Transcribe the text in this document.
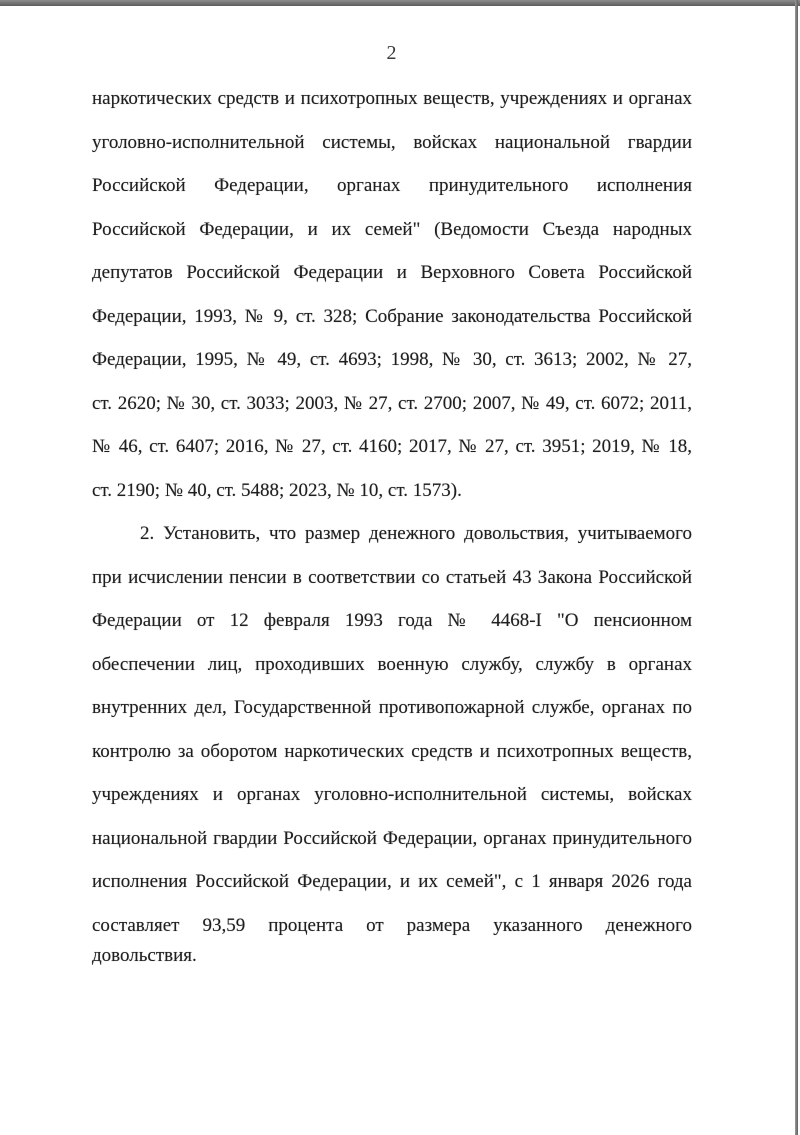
2
наркотических средств и психотропных веществ, учреждениях и органах
уголовно-исполнительной системы, войсках национальной гвардии
Российской Федерации, органах принудительного исполнения
Российской Федерации, и их семей" (Ведомости Съезда народных
депутатов Российской Федерации и Верховного Совета Российской
Федерации, 1993, № 9, ст. 328; Собрание законодательства Российской
Федерации, 1995, № 49, ст. 4693; 1998, № 30, ст. 3613; 2002, № 27,
ст. 2620; № 30, ст. 3033; 2003, № 27, ст. 2700; 2007, № 49, ст. 6072; 2011,
№ 46, ст. 6407; 2016, № 27, ст. 4160; 2017, № 27, ст. 3951; 2019, № 18,
ст. 2190; № 40, ст. 5488; 2023, № 10, ст. 1573).
2. Установить, что размер денежного довольствия, учитываемого
при исчислении пенсии в соответствии со статьей 43 Закона Российской
Федерации от 12 февраля 1993 года № 4468-I "О пенсионном
обеспечении лиц, проходивших военную службу, службу в органах
внутренних дел, Государственной противопожарной службе, органах по
контролю за оборотом наркотических средств и психотропных веществ,
учреждениях и органах уголовно-исполнительной системы, войсках
национальной гвардии Российской Федерации, органах принудительного
исполнения Российской Федерации, и их семей", с 1 января 2026 года
составляет 93,59 процента от размера указанного денежного довольствия.
